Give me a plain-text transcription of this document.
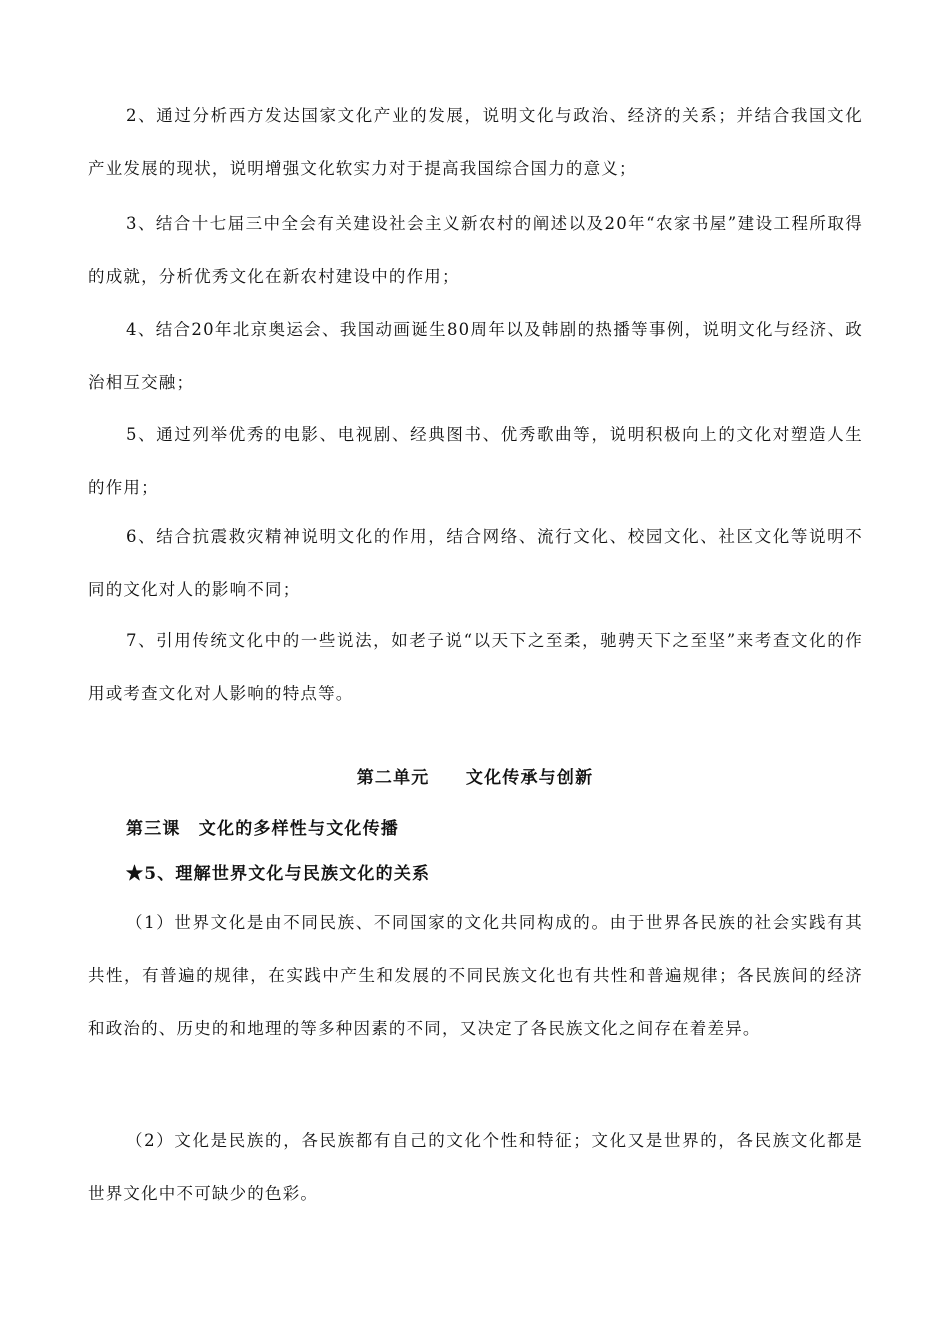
2、通过分析西方发达国家文化产业的发展，说明文化与政治、经济的关系；并结合我国文化产业发展的现状，说明增强文化软实力对于提高我国综合国力的意义；

3、结合十七届三中全会有关建设社会主义新农村的阐述以及20年“农家书屋”建设工程所取得的成就，分析优秀文化在新农村建设中的作用；

4、结合20年北京奥运会、我国动画诞生80周年以及韩剧的热播等事例，说明文化与经济、政治相互交融；

5、通过列举优秀的电影、电视剧、经典图书、优秀歌曲等，说明积极向上的文化对塑造人生的作用；

6、结合抗震救灾精神说明文化的作用，结合网络、流行文化、校园文化、社区文化等说明不同的文化对人的影响不同；

7、引用传统文化中的一些说法，如老子说“以天下之至柔，驰骋天下之至坚”来考查文化的作用或考查文化对人影响的特点等。

第二单元　　文化传承与创新
第三课　文化的多样性与文化传播
★5、理解世界文化与民族文化的关系

（1）世界文化是由不同民族、不同国家的文化共同构成的。由于世界各民族的社会实践有其共性，有普遍的规律，在实践中产生和发展的不同民族文化也有共性和普遍规律；各民族间的经济和政治的、历史的和地理的等多种因素的不同，又决定了各民族文化之间存在着差异。

（2）文化是民族的，各民族都有自己的文化个性和特征；文化又是世界的，各民族文化都是世界文化中不可缺少的色彩。
